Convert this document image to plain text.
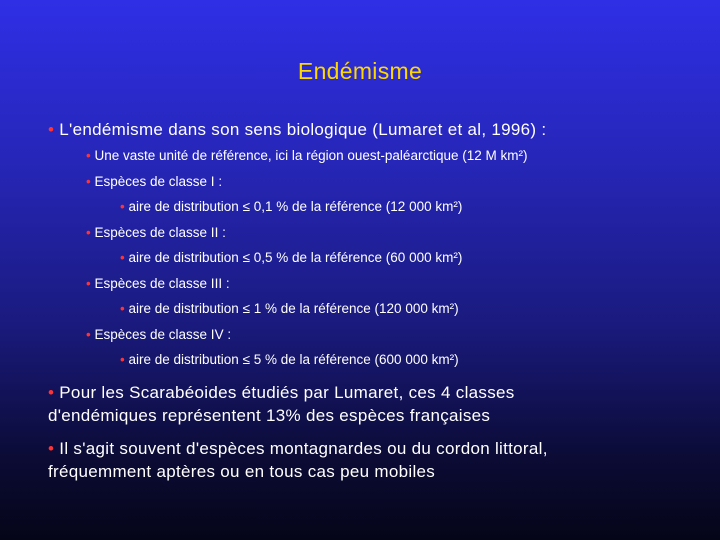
Endémisme
• L'endémisme dans son sens biologique (Lumaret et al, 1996) :
• Une vaste unité de référence, ici la région ouest-paléarctique (12 M km²)
• Espèces de classe I :
• aire de distribution ≤ 0,1 % de la référence (12 000 km²)
• Espèces de classe II :
• aire de distribution ≤ 0,5 % de la référence (60 000 km²)
• Espèces de classe III :
• aire de distribution ≤ 1 % de la référence (120 000 km²)
• Espèces de classe IV :
• aire de distribution ≤ 5 % de la référence (600 000 km²)
• Pour les Scarabéoides étudiés par Lumaret, ces 4 classes
d'endémiques représentent 13% des espèces françaises
• Il s'agit souvent d'espèces montagnardes ou du cordon littoral,
fréquemment aptères ou en tous cas peu mobiles
